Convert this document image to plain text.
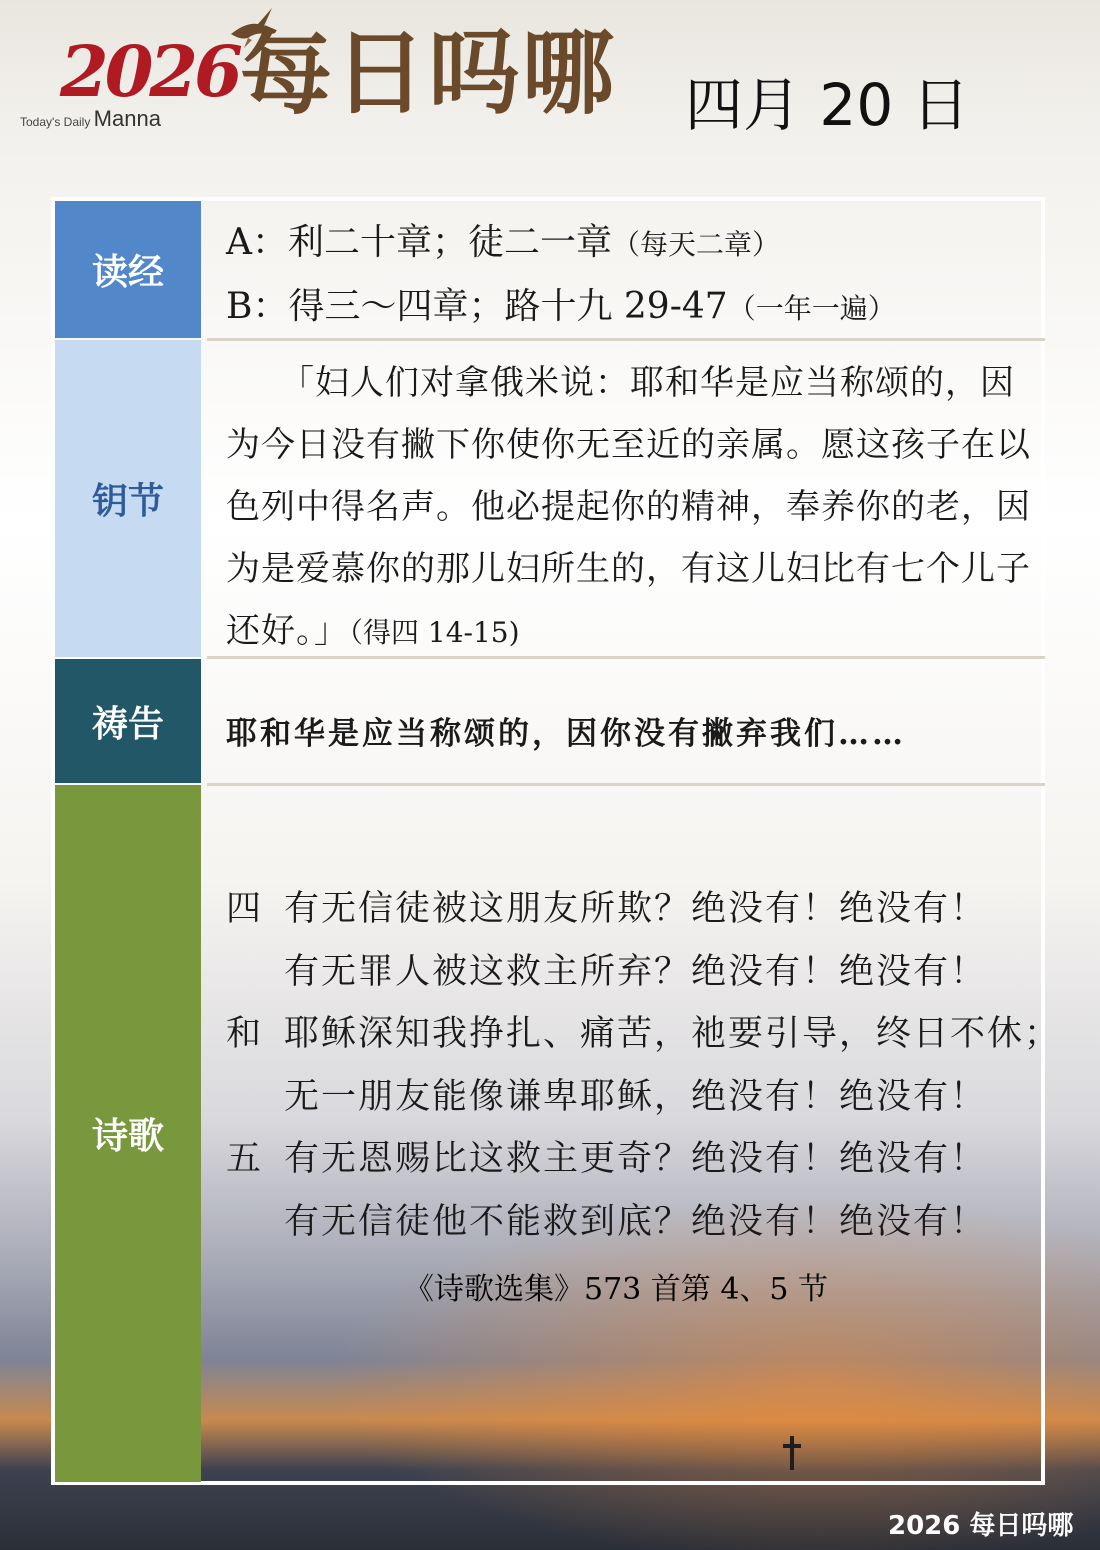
2026
Today's Daily Manna 每日吗哪 四月 20 日
读经
钥节
祷告
诗歌
A：利二十章；徒二一章（每天二章）
B：得三～四章；路十九 29-47（一年一遍）
「妇人们对拿俄米说：耶和华是应当称颂的，因为今日没有撇下你使你无至近的亲属。愿这孩子在以色列中得名声。他必提起你的精神，奉养你的老，因为是爱慕你的那儿妇所生的，有这儿妇比有七个儿子还好。」（得四 14-15)
耶和华是应当称颂的，因你没有撇弃我们……
四 有无信徒被这朋友所欺？绝没有！绝没有！
有无罪人被这救主所弃？绝没有！绝没有！
和 耶稣深知我挣扎、痛苦，祂要引导，终日不休；
无一朋友能像谦卑耶稣，绝没有！绝没有！
五 有无恩赐比这救主更奇？绝没有！绝没有！
有无信徒他不能救到底？绝没有！绝没有！
《诗歌选集》573 首第 4、5 节
2026 每日吗哪
